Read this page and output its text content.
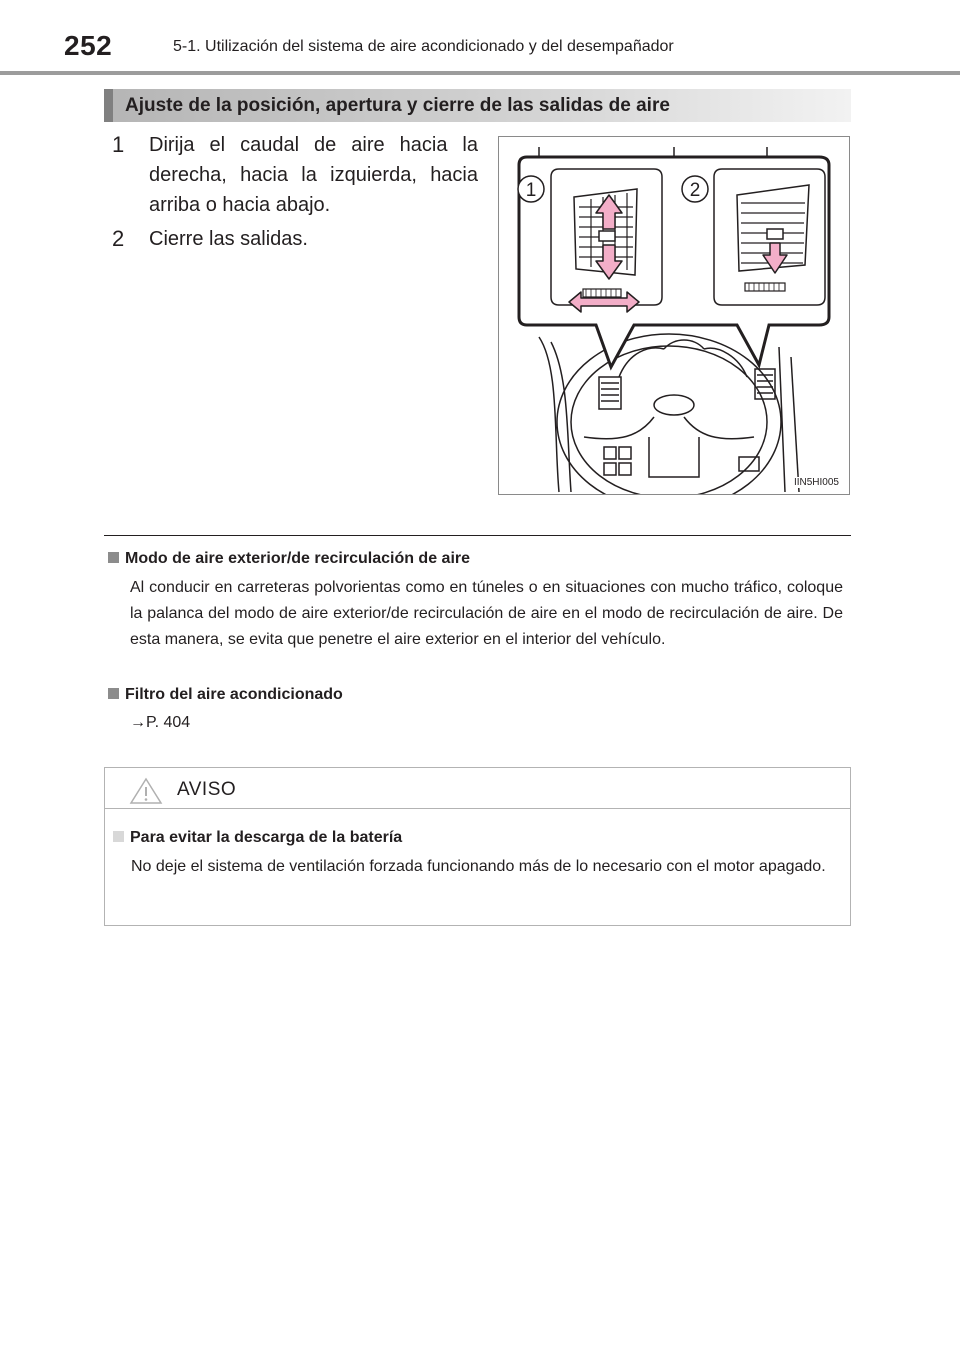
252	5-1. Utilización del sistema de aire acondicionado y del desempañador
Ajuste de la posición, apertura y cierre de las salidas de aire
1	Dirija el caudal de aire hacia la derecha, hacia la izquierda, hacia arriba o hacia abajo.
2	Cierre las salidas.
1	2
IIN5HI005
Modo de aire exterior/de recirculación de aire
Al conducir en carreteras polvorientas como en túneles o en situaciones con mucho tráfico, coloque la palanca del modo de aire exterior/de recirculación de aire en el modo de recirculación de aire. De esta manera, se evita que penetre el aire exterior en el interior del vehículo.
Filtro del aire acondicionado
→P. 404
AVISO
Para evitar la descarga de la batería
No deje el sistema de ventilación forzada funcionando más de lo necesario con el motor apagado.
